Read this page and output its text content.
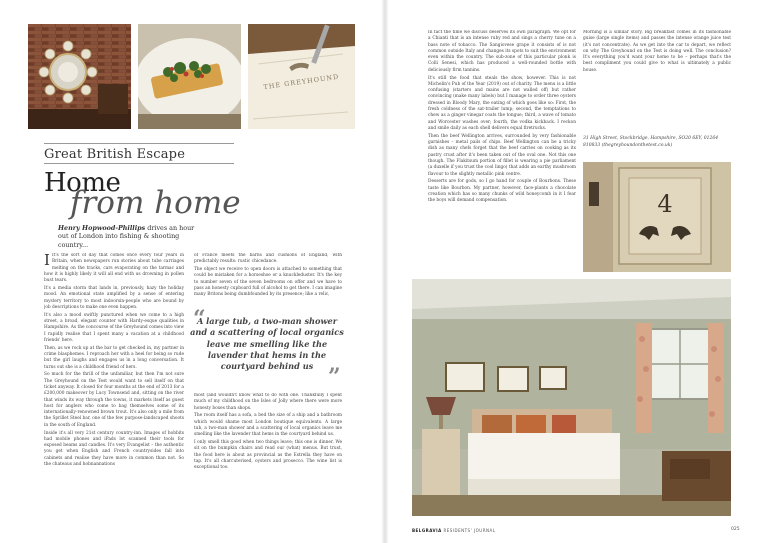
THE GREYHOUND
Great British Escape
Home
from home
Henry Hopwood-Phillips drives an hour out of London into fishing & shooting country...

I It's the sort of day that comes once every four years in Britain, when newspapers run stories about tube carriages melting on the tracks, cars evaporating on the tarmac and how it is highly likely it will all end with us drowning in pollen bust tears.

It's a media storm that lands in, previously, hazy the holiday mood. An emotional state amplified by a sense of entering mystery territory to most indoorsin-people who are bound by job descriptions to make one even happen.

It's also a mood swiftly punctured when we come to a high street, a broad, elegant counter with Hardy-esque qualities in Hampshire. As the concourse of the Greyhound comes into view I rapidly realise that I spent many a vacation at a childhood friends' here.

Then, as we rock up at the bar to get checked in, my partner in crime blasphemes. I reproach her with a heel for being so rude but the girl laughs and engages us in a long conversation. It turns out she is a childhood friend of hers.

So much for the thrill of the unfamiliar, but then I'm not sure The Greyhound on the Test would want to sell itself on that ticket anyway. It closed for four months at the end of 2013 for a £200,000 makeover by Lucy Townsend and, sitting on the river that winds its way through the towns, it markets itself as guest host for anglers who come to bag themselves some of its internationally-renowned brown trout. It's also only a mile from the Sprillet Steel bar, one of the few purpose-landscaped shoots in the south of England.

Inside it's all very 21st century country-inn. Images of hobbits had mobile phones and iPads lot scanned their tools for exposed beams and candles. It's very Evangelist – the authentic you get when English and French countrysides fall into cabinets and realise they have more in common than not. So the chateaus and hobnannations

of France meets the barns and cushions of England, with predictably results: rustic chicedance.

The object we receive to open doors is attached to something that could be mistaken for a horseshoe or a knuckleduster. It's the key to number seven of the seven bedrooms on offer and we have to pass an honesty cupboard full of alcohol to get there. I can imagine many Britons being dumbfounded by its presence; like a relic,

“
A large tub, a two-man shower and a scattering of local organics leave me smelling like the lavender that hems in the courtyard behind us ”

most (and wouldn't know what to do with one. Thankfully I spent much of my childhood on the Isles of Jolly where there were more honesty boxes than shops.

The room itself has a sofa, a bed the size of a ship and a bathroom which would shame most London boutique equivalents. A large tub, a two-man shower and a scattering of local organics leave me smelling like the lavender that hems in the courtyard behind us.

I only smell this good when two things leave; this one is dinner. We sit on the bumpkin chairs and read our (what) menus. But trust, the food here is about as provincial as the Estrella they have on tap. It's all charcuterised, oysters and prosecco. The wine list is exceptional too.

In fact the time we discuss deserves its own paragraph. We opt for a Chianti that is an intense ruby red and sings a cherry tune on a bass note of tobacco. The Sangiovese grape it consists of is not common outside Italy and changes its spots to suit the environment even within the country. The sub-zone of this particular plonk is Colli Senesi, which has produced a well-rounded bottle with deliciously firm tannins.

It's still the food that steals the show, however. This is not Michelin's Pub of the Year (2019) out of charity. The menu is a little confusing (starters and mains are not walled off) but rather convincing (make many labels) but I manage to order three oysters dressed in Bloody Mary, the eating of which goes like so: First, the fresh coldness of the sat-trailer lump; second, the temptations to chew as a ginger vinegar coats the tongue; third, a wave of tomato and Worcester washes over; fourth, the vodka kickback. I reckon and smile daily as each shell delivers equal firetrucks.

Then the beef Wellington arrives, surrounded by very fashionable garnishes – metal pails of chips. Beef Wellington can be a tricky dish as many chefs forget that the beef carries on cooking as its pastry crust after it's been taken out of the oval one. Not this one though. The Flakitsum portion of fillet is wearing a pie parliament (a duxelle if you trust the cool lingo) that adds an earthy mushroom flavour to the slightly metallic pink centre.

Desserts are for gods, so I go hand for couple of Bourbons. These taste like Bourbon. My partner, however, face-plants a chocolate creation which has so many chunks of wild honeycomb in it I fear the boys will demand compensation.

Morning is a similar story. Big breakfast comes in its fashionable guise (large single items) and passes the intense orange juice test (it's not concentrate). As we get into the car to depart, we reflect on why The Greyhound on the Test is doing well. The conclusion? It's everything you'd want your home to be – perhaps that's the best compliment you could give to what is ultimately a public house.

31 High Street, Stockbridge, Hampshire, SO20 6EY, 01264 810833 (thegreyhoundonthetest.co.uk)
4
BELGRAVIA RESIDENTS' JOURNAL	025
